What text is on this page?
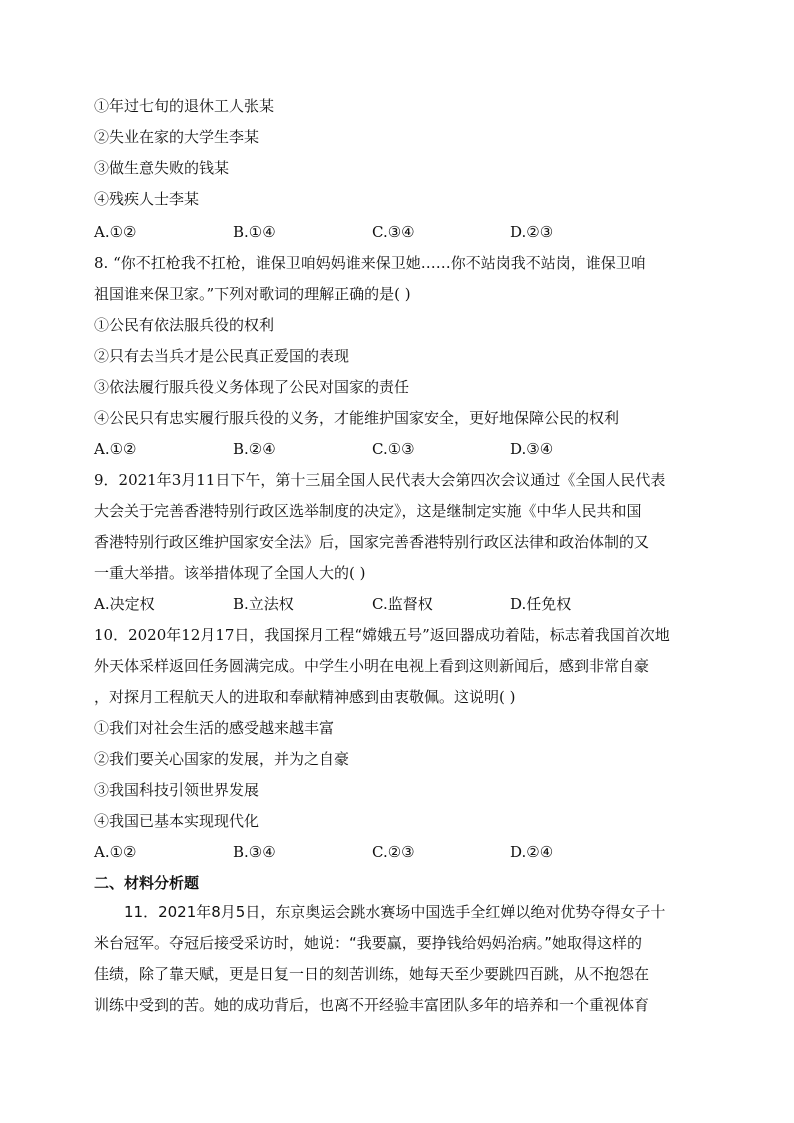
①年过七旬的退休工人张某
②失业在家的大学生李某
③做生意失败的钱某
④残疾人士李某
A.①②	B.①④	C.③④	D.②③
8. “你不扛枪我不扛枪，谁保卫咱妈妈谁来保卫她……你不站岗我不站岗，谁保卫咱
祖国谁来保卫家。”下列对歌词的理解正确的是( )
①公民有依法服兵役的权利
②只有去当兵才是公民真正爱国的表现
③依法履行服兵役义务体现了公民对国家的责任
④公民只有忠实履行服兵役的义务，才能维护国家安全，更好地保障公民的权利
A.①②	B.②④	C.①③	D.③④
9．2021年3月11日下午，第十三届全国人民代表大会第四次会议通过《全国人民代表
大会关于完善香港特别行政区选举制度的决定》，这是继制定实施《中华人民共和国
香港特别行政区维护国家安全法》后，国家完善香港特别行政区法律和政治体制的又
一重大举措。该举措体现了全国人大的( )
A.决定权	B.立法权	C.监督权	D.任免权
10．2020年12月17日，我国探月工程“嫦娥五号”返回器成功着陆，标志着我国首次地
外天体采样返回任务圆满完成。中学生小明在电视上看到这则新闻后，感到非常自豪
，对探月工程航天人的进取和奉献精神感到由衷敬佩。这说明( )
①我们对社会生活的感受越来越丰富
②我们要关心国家的发展，并为之自豪
③我国科技引领世界发展
④我国已基本实现现代化
A.①②	B.③④	C.②③	D.②④
二、材料分析题
11．2021年8月5日，东京奥运会跳水赛场中国选手全红婵以绝对优势夺得女子十
米台冠军。夺冠后接受采访时，她说：“我要赢，要挣钱给妈妈治病。”她取得这样的
佳绩，除了靠天赋，更是日复一日的刻苦训练，她每天至少要跳四百跳，从不抱怨在
训练中受到的苦。她的成功背后，也离不开经验丰富团队多年的培养和一个重视体育
